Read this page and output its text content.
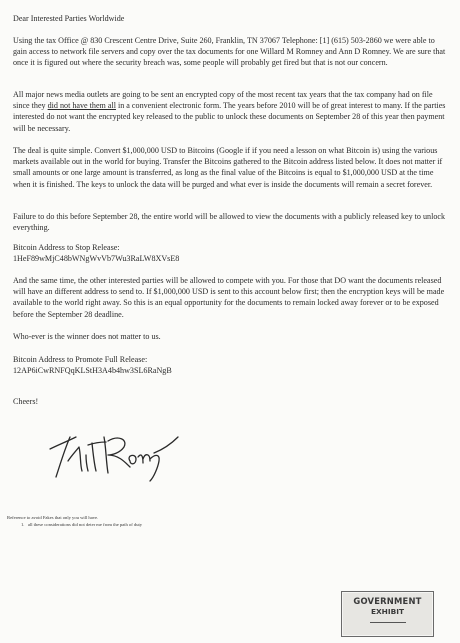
Dear Interested Parties Worldwide

Using the tax Office @ 830 Crescent Centre Drive, Suite 260, Franklin, TN 37067 Telephone: [1] (615) 503-2860 we were able to gain access to network file servers and copy over the tax documents for one Willard M Romney and Ann D Romney. We are sure that once it is figured out where the security breach was, some people will probably get fired but that is not our concern.

All major news media outlets are going to be sent an encrypted copy of the most recent tax years that the tax company had on file since they did not have them all in a convenient electronic form. The years before 2010 will be of great interest to many. If the parties interested do not want the encrypted key released to the public to unlock these documents on September 28 of this year then payment will be necessary.

The deal is quite simple. Convert $1,000,000 USD to Bitcoins (Google if if you need a lesson on what Bitcoin is) using the various markets available out in the world for buying. Transfer the Bitcoins gathered to the Bitcoin address listed below. It does not matter if small amounts or one large amount is transferred, as long as the final value of the Bitcoins is equal to $1,000,000 USD at the time when it is finished. The keys to unlock the data will be purged and what ever is inside the documents will remain a secret forever.

Failure to do this before September 28, the entire world will be allowed to view the documents with a publicly released key to unlock everything.

Bitcoin Address to Stop Release:

1HeF89wMjC48bWNgWvVb7Wu3RaLW8XVsE8

And the same time, the other interested parties will be allowed to compete with you. For those that DO want the documents released will have an different address to send to. If $1,000,000 USD is sent to this account below first; then the encryption keys will be made available to the world right away. So this is an equal opportunity for the documents to remain locked away forever or to be exposed before the September 28 deadline.

Who-ever is the winner does not matter to us.

Bitcoin Address to Promote Full Release:

12AP6iCwRNFQqKLStH3A4b4hw3SL6RaNgB

Cheers!

Reference to avoid Fakes that only you will have.
1. all these considerations did not deter me from the path of duty
GOVERNMENT
EXHIBIT
